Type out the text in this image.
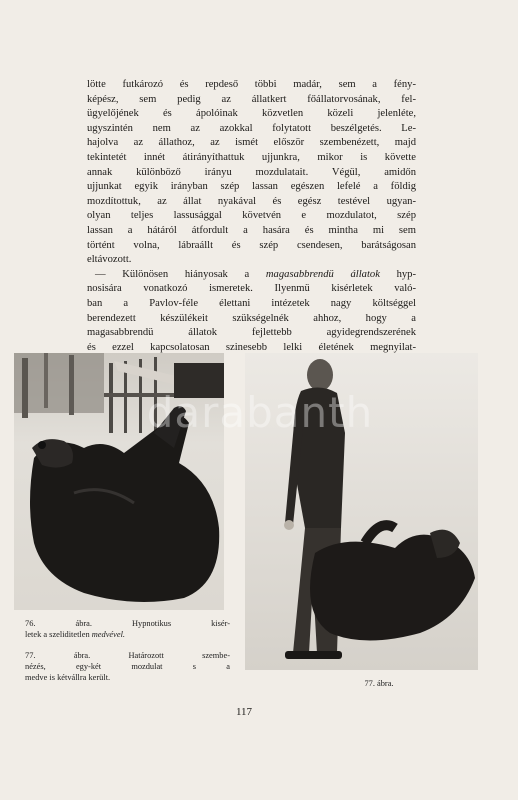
lötte futkározó és repdeső többi madár, sem a fény-
képész, sem pedig az állatkert főállatorvosának, fel-
ügyelőjének és ápolóinak közvetlen közeli jelenléte,
ugyszintén nem az azokkal folytatott beszélgetés. Le-
hajolva az állathoz, az ismét először szembenézett, majd
tekintetét innét átirányíthattuk ujjunkra, mikor is követte
annak különböző irányu mozdulatait. Végül, amidőn
ujjunkat egyik irányban szép lassan egészen lefelé a földig
mozdítottuk, az állat nyakával és egész testével ugyan-
olyan teljes lassusággal követvén e mozdulatot, szép
lassan a hátáról átfordult a hasára és mintha mi sem
történt volna, lábraállt és szép csendesen, barátságosan
eltávozott.

— Különösen hiányosak a magasabbrendü állatok hyp-
nosisára vonatkozó ismeretek. Ilyenmü kisérletek való-
ban a Pavlov-féle élettani intézetek nagy költséggel
berendezett készülékeit szükségelnék ahhoz, hogy a
magasabbrendü állatok fejlettebb agyidegrendszerének
és ezzel kapcsolatosan szinesebb lelki életének megnyilat-

darabanth
76. ábra. Hypnotikus kisér-
letek a szeliditetlen medvével.
77. ábra. Határozott szembe-
nézés, egy-két mozdulat s a
medve is kétvállra került.
77. ábra.
117
